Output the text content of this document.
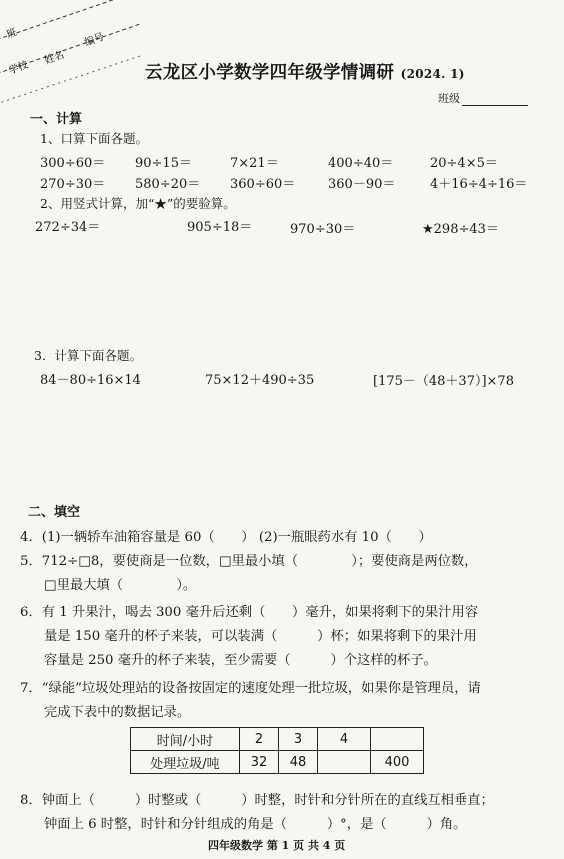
班
学校
姓名
编号
云龙区小学数学四年级学情调研 (2024. 1)
班级
一、计算
1、口算下面各题。
300÷60＝ 90÷15＝	7×21＝	400÷40＝	20÷4×5＝
270÷30＝ 580÷20＝ 360÷60＝	360－90＝	4＋16÷4÷16＝
2、用竖式计算，加“★”的要验算。
272÷34＝	905÷18＝	970÷30＝	★298÷43＝
3．计算下面各题。
84－80÷16×14	75×12＋490÷35	[175－（48＋37）]×78
二、填空
4．(1)一辆轿车油箱容量是 60（　　） (2)一瓶眼药水有 10（　　）
5．712÷□8，要使商是一位数，□里最小填（　　　　）；要使商是两位数，
□里最大填（　　　　）。
6．有 1 升果汁，喝去 300 毫升后还剩（　　）毫升，如果将剩下的果汁用容
量是 150 毫升的杯子来装，可以装满（　　　）杯；如果将剩下的果汁用
容量是 250 毫升的杯子来装，至少需要（　　　）个这样的杯子。
7．“绿能”垃圾处理站的设备按固定的速度处理一批垃圾，如果你是管理员，请
完成下表中的数据记录。
时间/小时	2	3	4	
处理垃圾/吨	32	48		400
8．钟面上（　　　）时整或（　　　）时整，时针和分针所在的直线互相垂直；
钟面上 6 时整，时针和分针组成的角是（　　　）°，是（　　　）角。
四年级数学 第 1 页 共 4 页
